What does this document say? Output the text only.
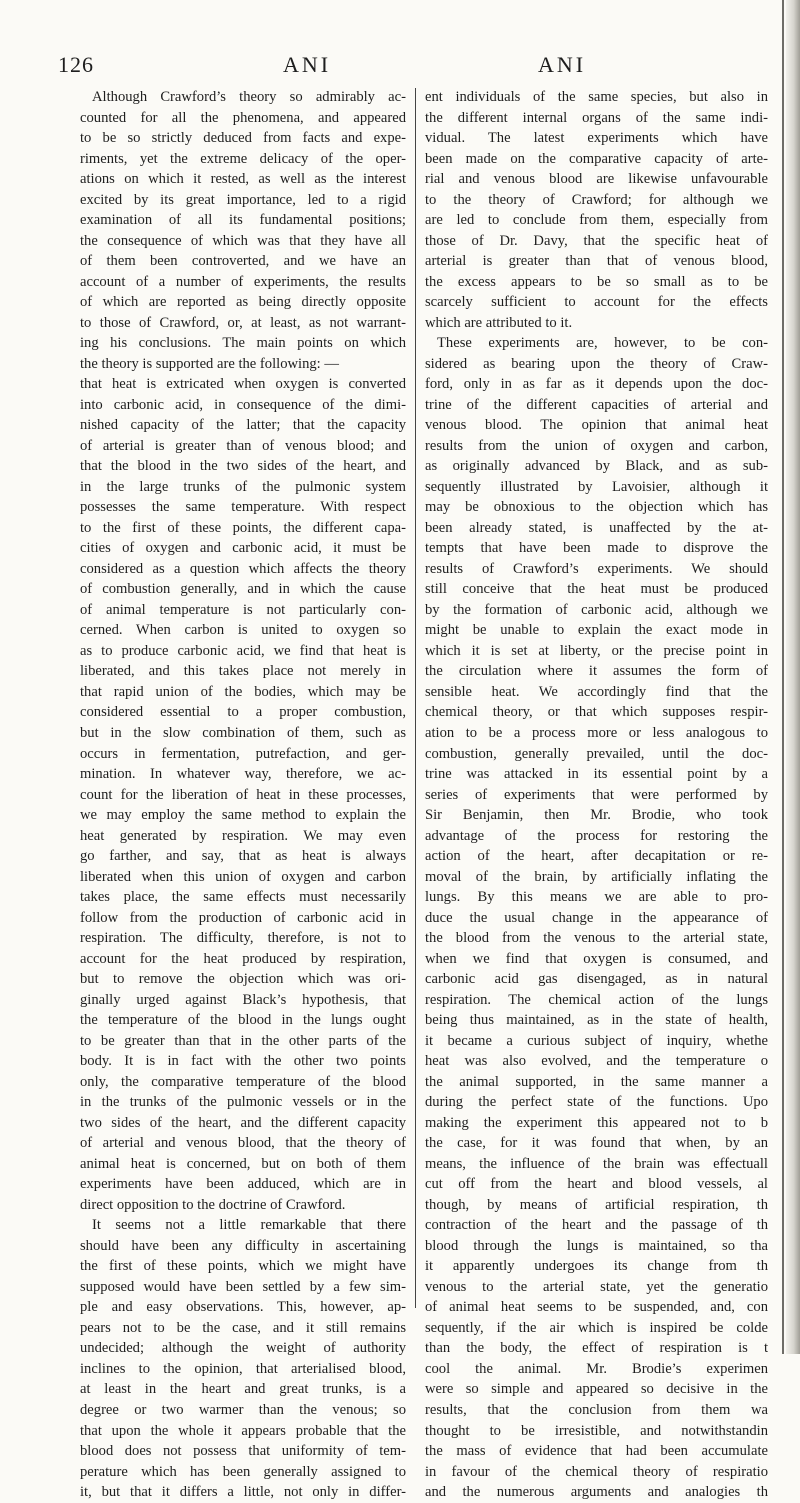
126	ANI	ANI
Although Crawford’s theory so admirably ac-
counted for all the phenomena, and appeared
to be so strictly deduced from facts and expe-
riments, yet the extreme delicacy of the oper-
ations on which it rested, as well as the interest
excited by its great importance, led to a rigid
examination of all its fundamental positions;
the consequence of which was that they have all
of them been controverted, and we have an
account of a number of experiments, the results
of which are reported as being directly opposite
to those of Crawford, or, at least, as not warrant-
ing his conclusions. The main points on which
the theory is supported are the following: —
that heat is extricated when oxygen is converted
into carbonic acid, in consequence of the dimi-
nished capacity of the latter; that the capacity
of arterial is greater than of venous blood; and
that the blood in the two sides of the heart, and
in the large trunks of the pulmonic system
possesses the same temperature. With respect
to the first of these points, the different capa-
cities of oxygen and carbonic acid, it must be
considered as a question which affects the theory
of combustion generally, and in which the cause
of animal temperature is not particularly con-
cerned. When carbon is united to oxygen so
as to produce carbonic acid, we find that heat is
liberated, and this takes place not merely in
that rapid union of the bodies, which may be
considered essential to a proper combustion,
but in the slow combination of them, such as
occurs in fermentation, putrefaction, and ger-
mination. In whatever way, therefore, we ac-
count for the liberation of heat in these processes,
we may employ the same method to explain the
heat generated by respiration. We may even
go farther, and say, that as heat is always
liberated when this union of oxygen and carbon
takes place, the same effects must necessarily
follow from the production of carbonic acid in
respiration. The difficulty, therefore, is not to
account for the heat produced by respiration,
but to remove the objection which was ori-
ginally urged against Black’s hypothesis, that
the temperature of the blood in the lungs ought
to be greater than that in the other parts of the
body. It is in fact with the other two points
only, the comparative temperature of the blood
in the trunks of the pulmonic vessels or in the
two sides of the heart, and the different capacity
of arterial and venous blood, that the theory of
animal heat is concerned, but on both of them
experiments have been adduced, which are in
direct opposition to the doctrine of Crawford.
It seems not a little remarkable that there
should have been any difficulty in ascertaining
the first of these points, which we might have
supposed would have been settled by a few sim-
ple and easy observations. This, however, ap-
pears not to be the case, and it still remains
undecided; although the weight of authority
inclines to the opinion, that arterialised blood,
at least in the heart and great trunks, is a
degree or two warmer than the venous; so
that upon the whole it appears probable that the
blood does not possess that uniformity of tem-
perature which has been generally assigned to
it, but that it differs a little, not only in differ-
ent individuals of the same species, but also in
the different internal organs of the same indi-
vidual. The latest experiments which have
been made on the comparative capacity of arte-
rial and venous blood are likewise unfavourable
to the theory of Crawford; for although we
are led to conclude from them, especially from
those of Dr. Davy, that the specific heat of
arterial is greater than that of venous blood,
the excess appears to be so small as to be
scarcely sufficient to account for the effects
which are attributed to it.
These experiments are, however, to be con-
sidered as bearing upon the theory of Craw-
ford, only in as far as it depends upon the doc-
trine of the different capacities of arterial and
venous blood. The opinion that animal heat
results from the union of oxygen and carbon,
as originally advanced by Black, and as sub-
sequently illustrated by Lavoisier, although it
may be obnoxious to the objection which has
been already stated, is unaffected by the at-
tempts that have been made to disprove the
results of Crawford’s experiments. We should
still conceive that the heat must be produced
by the formation of carbonic acid, although we
might be unable to explain the exact mode in
which it is set at liberty, or the precise point in
the circulation where it assumes the form of
sensible heat. We accordingly find that the
chemical theory, or that which supposes respir-
ation to be a process more or less analogous to
combustion, generally prevailed, until the doc-
trine was attacked in its essential point by a
series of experiments that were performed by
Sir Benjamin, then Mr. Brodie, who took
advantage of the process for restoring the
action of the heart, after decapitation or re-
moval of the brain, by artificially inflating the
lungs. By this means we are able to pro-
duce the usual change in the appearance of
the blood from the venous to the arterial state,
when we find that oxygen is consumed, and
carbonic acid gas disengaged, as in natural
respiration. The chemical action of the lungs
being thus maintained, as in the state of health,
it became a curious subject of inquiry, whethe
heat was also evolved, and the temperature o
the animal supported, in the same manner a
during the perfect state of the functions. Upo
making the experiment this appeared not to b
the case, for it was found that when, by an
means, the influence of the brain was effectuall
cut off from the heart and blood vessels, al
though, by means of artificial respiration, th
contraction of the heart and the passage of th
blood through the lungs is maintained, so tha
it apparently undergoes its change from th
venous to the arterial state, yet the generatio
of animal heat seems to be suspended, and, con
sequently, if the air which is inspired be colde
than the body, the effect of respiration is t
cool the animal. Mr. Brodie’s experimen
were so simple and appeared so decisive in the
results, that the conclusion from them wa
thought to be irresistible, and notwithstandin
the mass of evidence that had been accumulate
in favour of the chemical theory of respiratio
and the numerous arguments and analogies th
